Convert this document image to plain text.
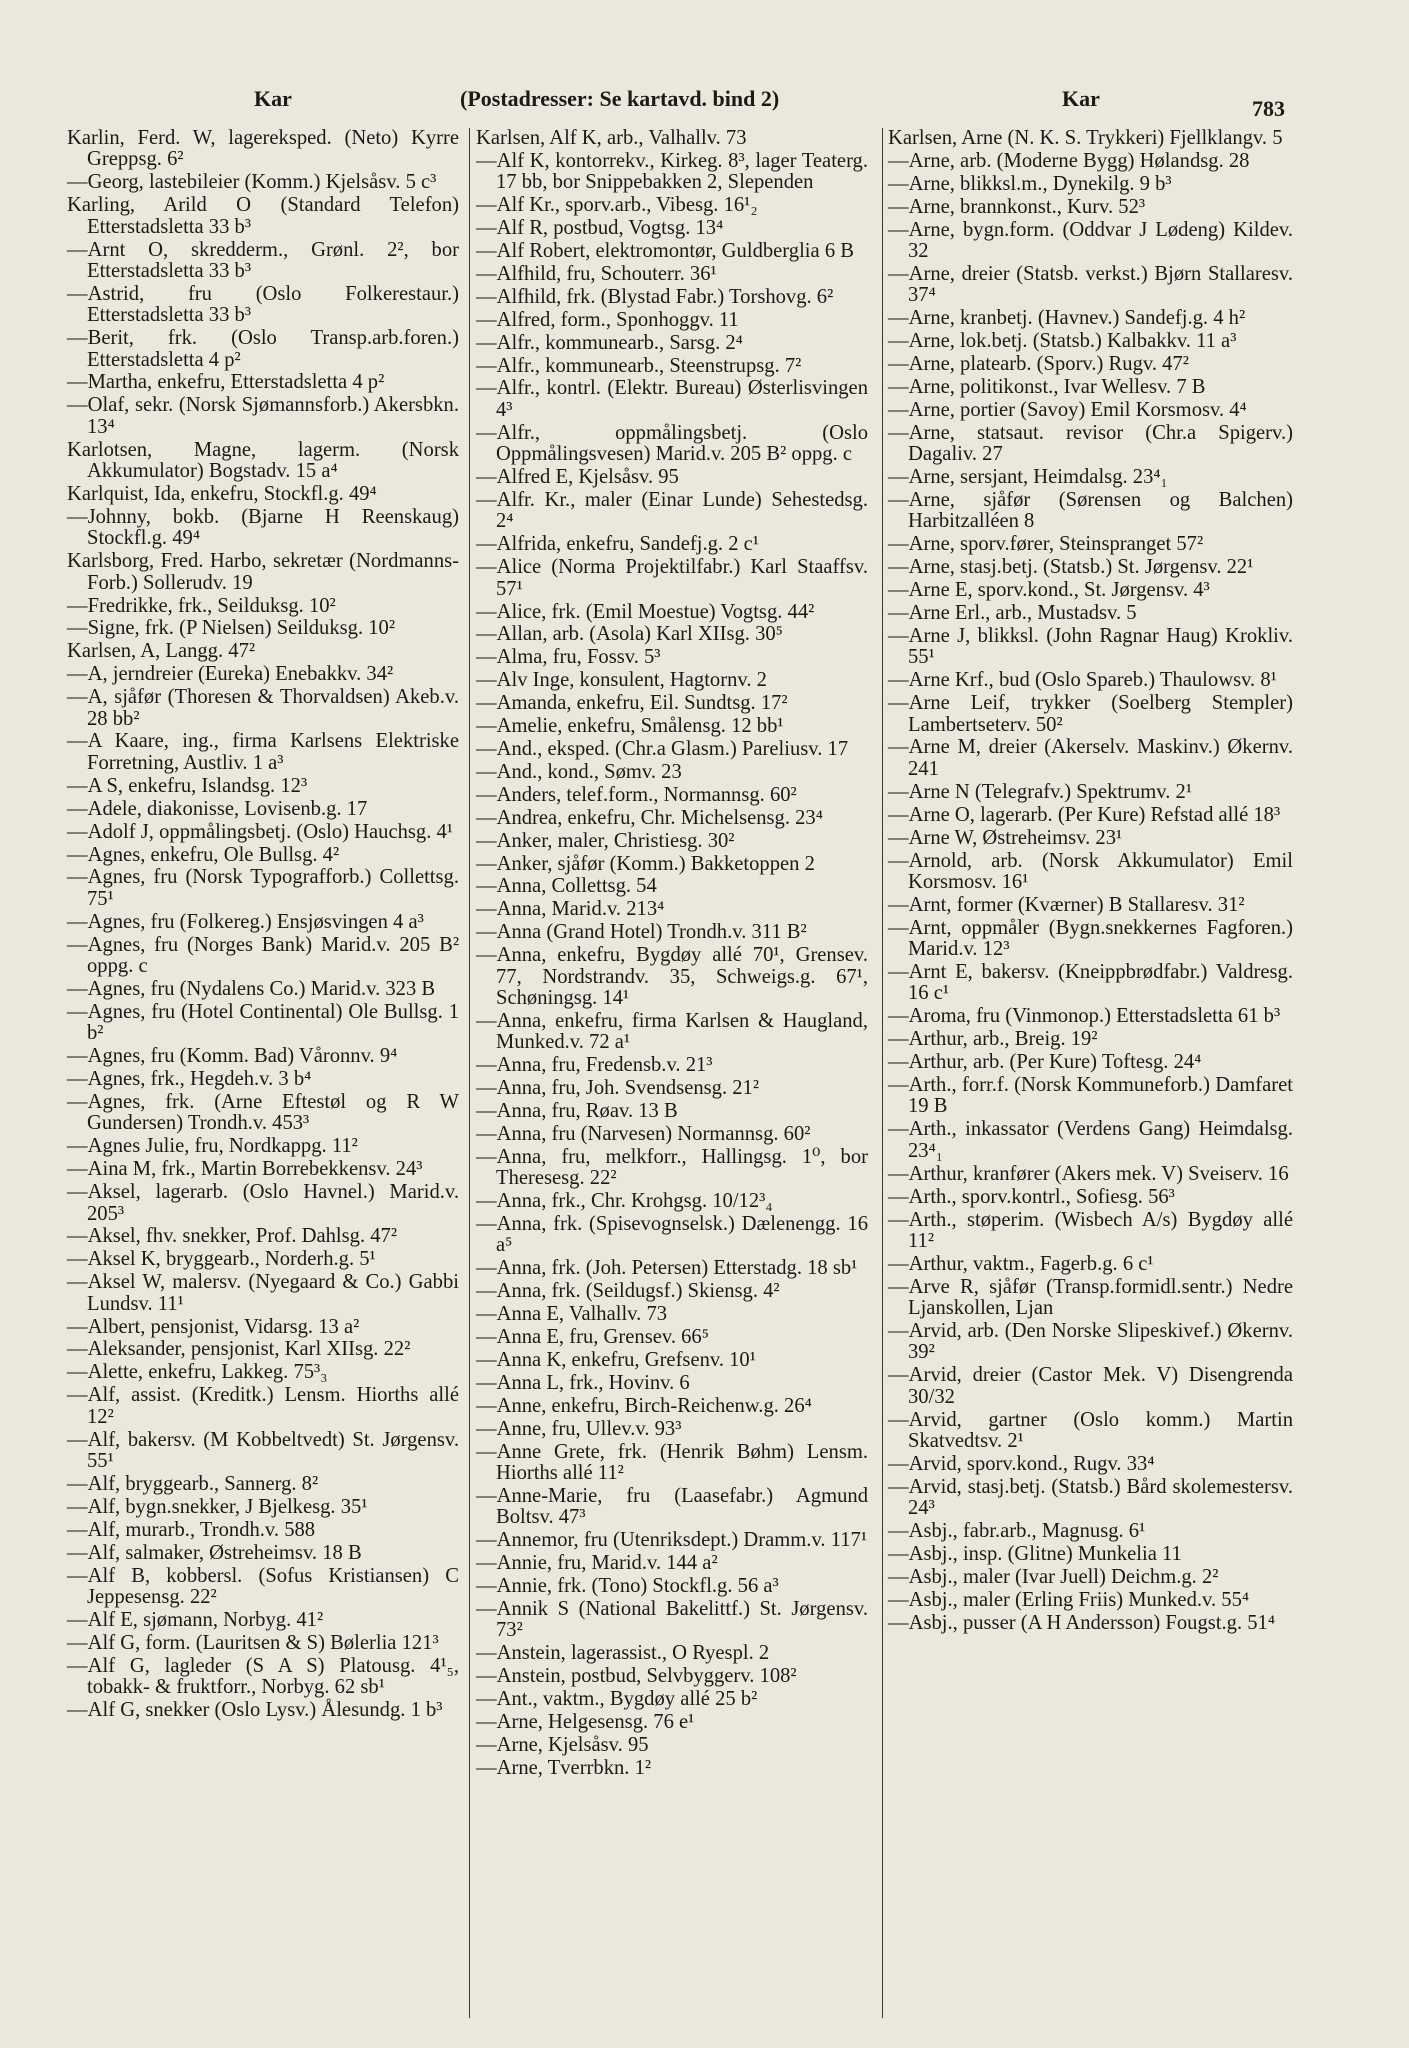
Kar	(Postadresser: Se kartavd. bind 2)	Kar	783
Karlin, Ferd. W, lagereksped. (Neto) Kyrre Greppsg. 6²
—Georg, lastebileier (Komm.) Kjelsåsv. 5 c³
Karling, Arild O (Standard Telefon) Etterstadsletta 33 b³
—Arnt O, skredderm., Grønl. 2², bor Etterstadsletta 33 b³
—Astrid, fru (Oslo Folkerestaur.) Etterstadsletta 33 b³
—Berit, frk. (Oslo Transp.arb.foren.) Etterstadsletta 4 p²
—Martha, enkefru, Etterstadsletta 4 p²
—Olaf, sekr. (Norsk Sjømannsforb.) Akersbkn. 13⁴
Karlotsen, Magne, lagerm. (Norsk Akkumulator) Bogstadv. 15 a⁴
Karlquist, Ida, enkefru, Stockfl.g. 49⁴
—Johnny, bokb. (Bjarne H Reenskaug) Stockfl.g. 49⁴
Karlsborg, Fred. Harbo, sekretær (Nordmanns-Forb.) Sollerudv. 19
—Fredrikke, frk., Seilduksg. 10²
—Signe, frk. (P Nielsen) Seilduksg. 10²
Karlsen, A, Langg. 47²
—A, jerndreier (Eureka) Enebakkv. 34²
—A, sjåfør (Thoresen & Thorvaldsen) Akeb.v. 28 bb²
—A Kaare, ing., firma Karlsens Elektriske Forretning, Austliv. 1 a³
—A S, enkefru, Islandsg. 12³
—Adele, diakonisse, Lovisenb.g. 17
—Adolf J, oppmålingsbetj. (Oslo) Hauchsg. 4¹
—Agnes, enkefru, Ole Bullsg. 4²
—Agnes, fru (Norsk Typografforb.) Collettsg. 75¹
—Agnes, fru (Folkereg.) Ensjøsvingen 4 a³
—Agnes, fru (Norges Bank) Marid.v. 205 B² oppg. c
—Agnes, fru (Nydalens Co.) Marid.v. 323 B
—Agnes, fru (Hotel Continental) Ole Bullsg. 1 b²
—Agnes, fru (Komm. Bad) Våronnv. 9⁴
—Agnes, frk., Hegdeh.v. 3 b⁴
—Agnes, frk. (Arne Eftestøl og R W Gundersen) Trondh.v. 453³
—Agnes Julie, fru, Nordkappg. 11²
—Aina M, frk., Martin Borrebekkensv. 24³
—Aksel, lagerarb. (Oslo Havnel.) Marid.v. 205³
—Aksel, fhv. snekker, Prof. Dahlsg. 47²
—Aksel K, bryggearb., Norderh.g. 5¹
—Aksel W, malersv. (Nyegaard & Co.) Gabbi Lundsv. 11¹
—Albert, pensjonist, Vidarsg. 13 a²
—Aleksander, pensjonist, Karl XIIsg. 22²
—Alette, enkefru, Lakkeg. 75³₃
—Alf, assist. (Kreditk.) Lensm. Hiorths allé 12²
—Alf, bakersv. (M Kobbeltvedt) St. Jørgensv. 55¹
—Alf, bryggearb., Sannerg. 8²
—Alf, bygn.snekker, J Bjelkesg. 35¹
—Alf, murarb., Trondh.v. 588
—Alf, salmaker, Østreheimsv. 18 B
—Alf B, kobbersl. (Sofus Kristiansen) C Jeppesensg. 22²
—Alf E, sjømann, Norbyg. 41²
—Alf G, form. (Lauritsen & S) Bølerlia 121³
—Alf G, lagleder (S A S) Platousg. 4¹₅, tobakk- & fruktforr., Norbyg. 62 sb¹
—Alf G, snekker (Oslo Lysv.) Ålesundg. 1 b³
Karlsen, Alf K, arb., Valhallv. 73
—Alf K, kontorrekv., Kirkeg. 8³, lager Teaterg. 17 bb, bor Snippebakken 2, Slependen
—Alf Kr., sporv.arb., Vibesg. 16¹₂
—Alf R, postbud, Vogtsg. 13⁴
—Alf Robert, elektromontør, Guldberglia 6 B
—Alfhild, fru, Schouterr. 36¹
—Alfhild, frk. (Blystad Fabr.) Torshovg. 6²
—Alfred, form., Sponhoggv. 11
—Alfr., kommunearb., Sarsg. 2⁴
—Alfr., kommunearb., Steenstrupsg. 7²
—Alfr., kontrl. (Elektr. Bureau) Østerlisvingen 4³
—Alfr., oppmålingsbetj. (Oslo Oppmålingsvesen) Marid.v. 205 B² oppg. c
—Alfred E, Kjelsåsv. 95
—Alfr. Kr., maler (Einar Lunde) Sehestedsg. 2⁴
—Alfrida, enkefru, Sandefj.g. 2 c¹
—Alice (Norma Projektilfabr.) Karl Staaffsv. 57¹
—Alice, frk. (Emil Moestue) Vogtsg. 44²
—Allan, arb. (Asola) Karl XIIsg. 30⁵
—Alma, fru, Fossv. 5³
—Alv Inge, konsulent, Hagtornv. 2
—Amanda, enkefru, Eil. Sundtsg. 17²
—Amelie, enkefru, Smålensg. 12 bb¹
—And., eksped. (Chr.a Glasm.) Pareliusv. 17
—And., kond., Sømv. 23
—Anders, telef.form., Normannsg. 60²
—Andrea, enkefru, Chr. Michelsensg. 23⁴
—Anker, maler, Christiesg. 30²
—Anker, sjåfør (Komm.) Bakketoppen 2
—Anna, Collettsg. 54
—Anna, Marid.v. 213⁴
—Anna (Grand Hotel) Trondh.v. 311 B²
—Anna, enkefru, Bygdøy allé 70¹, Grensev. 77, Nordstrandv. 35, Schweigs.g. 67¹, Schøningsg. 14¹
—Anna, enkefru, firma Karlsen & Haugland, Munked.v. 72 a¹
—Anna, fru, Fredensb.v. 21³
—Anna, fru, Joh. Svendsensg. 21²
—Anna, fru, Røav. 13 B
—Anna, fru (Narvesen) Normannsg. 60²
—Anna, fru, melkforr., Hallingsg. 1⁰, bor Theresesg. 22²
—Anna, frk., Chr. Krohgsg. 10/12³₄
—Anna, frk. (Spisevognselsk.) Dælenengg. 16 a⁵
—Anna, frk. (Joh. Petersen) Etterstadg. 18 sb¹
—Anna, frk. (Seildugsf.) Skiensg. 4²
—Anna E, Valhallv. 73
—Anna E, fru, Grensev. 66⁵
—Anna K, enkefru, Grefsenv. 10¹
—Anna L, frk., Hovinv. 6
—Anne, enkefru, Birch-Reichenw.g. 26⁴
—Anne, fru, Ullev.v. 93³
—Anne Grete, frk. (Henrik Bøhm) Lensm. Hiorths allé 11²
—Anne-Marie, fru (Laasefabr.) Agmund Boltsv. 47³
—Annemor, fru (Utenriksdept.) Dramm.v. 117¹
—Annie, fru, Marid.v. 144 a²
—Annie, frk. (Tono) Stockfl.g. 56 a³
—Annik S (National Bakelittf.) St. Jørgensv. 73²
—Anstein, lagerassist., O Ryespl. 2
—Anstein, postbud, Selvbyggerv. 108²
—Ant., vaktm., Bygdøy allé 25 b²
—Arne, Helgesensg. 76 e¹
—Arne, Kjelsåsv. 95
—Arne, Tverrbkn. 1²
Karlsen, Arne (N. K. S. Trykkeri) Fjellklangv. 5
—Arne, arb. (Moderne Bygg) Hølandsg. 28
—Arne, blikksl.m., Dynekilg. 9 b³
—Arne, brannkonst., Kurv. 52³
—Arne, bygn.form. (Oddvar J Lødeng) Kildev. 32
—Arne, dreier (Statsb. verkst.) Bjørn Stallaresv. 37⁴
—Arne, kranbetj. (Havnev.) Sandefj.g. 4 h²
—Arne, lok.betj. (Statsb.) Kalbakkv. 11 a³
—Arne, platearb. (Sporv.) Rugv. 47²
—Arne, politikonst., Ivar Wellesv. 7 B
—Arne, portier (Savoy) Emil Korsmosv. 4⁴
—Arne, statsaut. revisor (Chr.a Spigerv.) Dagaliv. 27
—Arne, sersjant, Heimdalsg. 23⁴₁
—Arne, sjåfør (Sørensen og Balchen) Harbitzalléen 8
—Arne, sporv.fører, Steinspranget 57²
—Arne, stasj.betj. (Statsb.) St. Jørgensv. 22¹
—Arne E, sporv.kond., St. Jørgensv. 4³
—Arne Erl., arb., Mustadsv. 5
—Arne J, blikksl. (John Ragnar Haug) Krokliv. 55¹
—Arne Krf., bud (Oslo Spareb.) Thaulowsv. 8¹
—Arne Leif, trykker (Soelberg Stempler) Lambertseterv. 50²
—Arne M, dreier (Akerselv. Maskinv.) Økernv. 241
—Arne N (Telegrafv.) Spektrumv. 2¹
—Arne O, lagerarb. (Per Kure) Refstad allé 18³
—Arne W, Østreheimsv. 23¹
—Arnold, arb. (Norsk Akkumulator) Emil Korsmosv. 16¹
—Arnt, former (Kværner) B Stallaresv. 31²
—Arnt, oppmåler (Bygn.snekkernes Fagforen.) Marid.v. 12³
—Arnt E, bakersv. (Kneippbrødfabr.) Valdresg. 16 c¹
—Aroma, fru (Vinmonop.) Etterstadsletta 61 b³
—Arthur, arb., Breig. 19²
—Arthur, arb. (Per Kure) Toftesg. 24⁴
—Arth., forr.f. (Norsk Kommuneforb.) Damfaret 19 B
—Arth., inkassator (Verdens Gang) Heimdalsg. 23⁴₁
—Arthur, kranfører (Akers mek. V) Sveiserv. 16
—Arth., sporv.kontrl., Sofiesg. 56³
—Arth., støperim. (Wisbech A/s) Bygdøy allé 11²
—Arthur, vaktm., Fagerb.g. 6 c¹
—Arve R, sjåfør (Transp.formidl.sentr.) Nedre Ljanskollen, Ljan
—Arvid, arb. (Den Norske Slipeskivef.) Økernv. 39²
—Arvid, dreier (Castor Mek. V) Disengrenda 30/32
—Arvid, gartner (Oslo komm.) Martin Skatvedtsv. 2¹
—Arvid, sporv.kond., Rugv. 33⁴
—Arvid, stasj.betj. (Statsb.) Bård skolemestersv. 24³
—Asbj., fabr.arb., Magnusg. 6¹
—Asbj., insp. (Glitne) Munkelia 11
—Asbj., maler (Ivar Juell) Deichm.g. 2²
—Asbj., maler (Erling Friis) Munked.v. 55⁴
—Asbj., pusser (A H Andersson) Fougst.g. 51⁴
